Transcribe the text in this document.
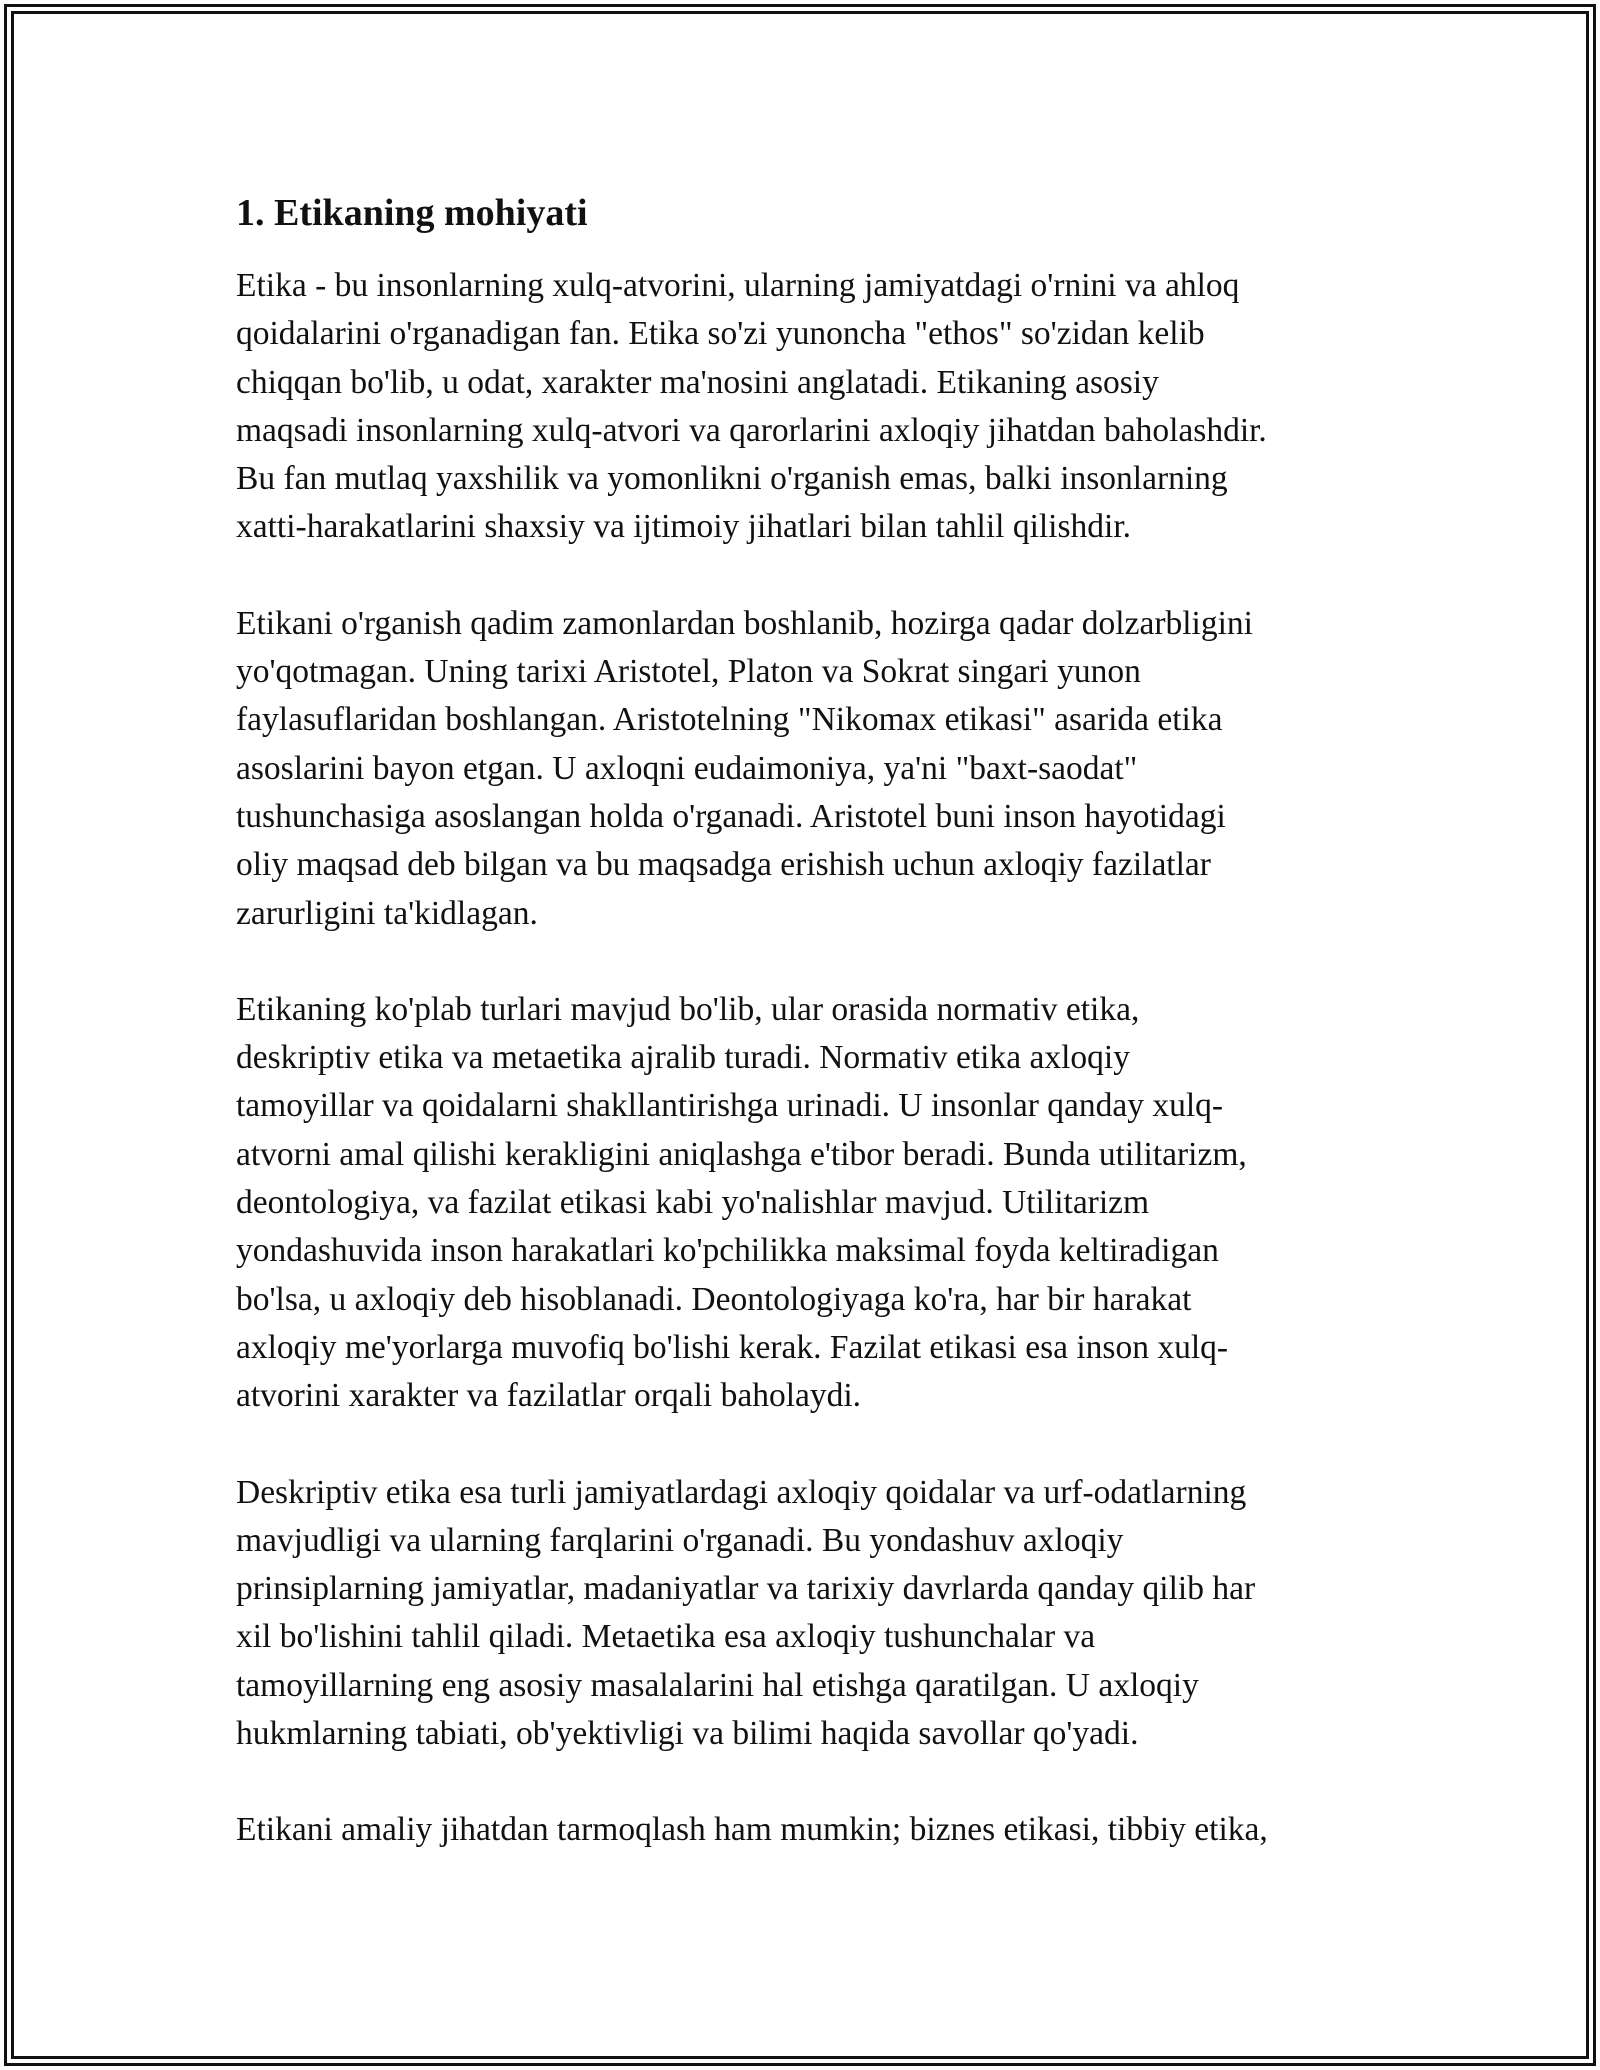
1. Etikaning mohiyati

Etika - bu insonlarning xulq-atvorini, ularning jamiyatdagi o'rnini va ahloq
qoidalarini o'rganadigan fan. Etika so'zi yunoncha "ethos" so'zidan kelib
chiqqan bo'lib, u odat, xarakter ma'nosini anglatadi. Etikaning asosiy
maqsadi insonlarning xulq-atvori va qarorlarini axloqiy jihatdan baholashdir.
Bu fan mutlaq yaxshilik va yomonlikni o'rganish emas, balki insonlarning
xatti-harakatlarini shaxsiy va ijtimoiy jihatlari bilan tahlil qilishdir.

Etikani o'rganish qadim zamonlardan boshlanib, hozirga qadar dolzarbligini
yo'qotmagan. Uning tarixi Aristotel, Platon va Sokrat singari yunon
faylasuflaridan boshlangan. Aristotelning "Nikomax etikasi" asarida etika
asoslarini bayon etgan. U axloqni eudaimoniya, ya'ni "baxt-saodat"
tushunchasiga asoslangan holda o'rganadi. Aristotel buni inson hayotidagi
oliy maqsad deb bilgan va bu maqsadga erishish uchun axloqiy fazilatlar
zarurligini ta'kidlagan.

Etikaning ko'plab turlari mavjud bo'lib, ular orasida normativ etika,
deskriptiv etika va metaetika ajralib turadi. Normativ etika axloqiy
tamoyillar va qoidalarni shakllantirishga urinadi. U insonlar qanday xulq-
atvorni amal qilishi kerakligini aniqlashga e'tibor beradi. Bunda utilitarizm,
deontologiya, va fazilat etikasi kabi yo'nalishlar mavjud. Utilitarizm
yondashuvida inson harakatlari ko'pchilikka maksimal foyda keltiradigan
bo'lsa, u axloqiy deb hisoblanadi. Deontologiyaga ko'ra, har bir harakat
axloqiy me'yorlarga muvofiq bo'lishi kerak. Fazilat etikasi esa inson xulq-
atvorini xarakter va fazilatlar orqali baholaydi.

Deskriptiv etika esa turli jamiyatlardagi axloqiy qoidalar va urf-odatlarning
mavjudligi va ularning farqlarini o'rganadi. Bu yondashuv axloqiy
prinsiplarning jamiyatlar, madaniyatlar va tarixiy davrlarda qanday qilib har
xil bo'lishini tahlil qiladi. Metaetika esa axloqiy tushunchalar va
tamoyillarning eng asosiy masalalarini hal etishga qaratilgan. U axloqiy
hukmlarning tabiati, ob'yektivligi va bilimi haqida savollar qo'yadi.

Etikani amaliy jihatdan tarmoqlash ham mumkin; biznes etikasi, tibbiy etika,
